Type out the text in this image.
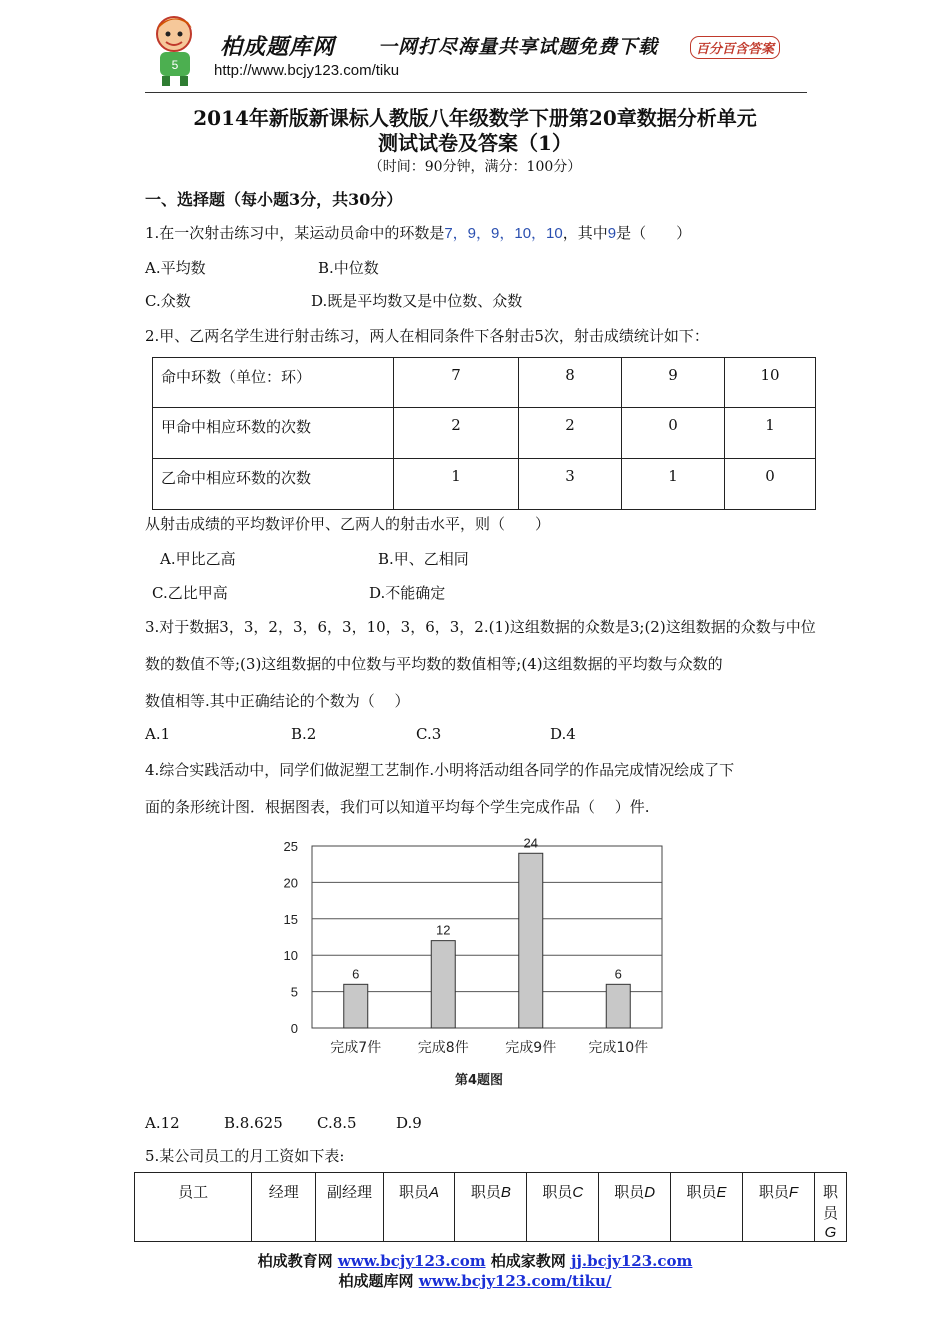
5
柏成题库网 一网打尽海量共享试题免费下载	百分百含答案
http://www.bcjy123.com/tiku
2014年新版新课标人教版八年级数学下册第20章数据分析单元
测试试卷及答案（1）
（时间：90分钟，满分：100分）
一、选择题（每小题3分，共30分）
1.在一次射击练习中，某运动员命中的环数是7，9，9，10，10，其中9是（　　）
A.平均数	B.中位数
C.众数	D.既是平均数又是中位数、众数
2.甲、乙两名学生进行射击练习，两人在相同条件下各射击5次，射击成绩统计如下：
命中环数（单位：环）	7	8	9	10
甲命中相应环数的次数	2	2	0	1
乙命中相应环数的次数	1	3	1	0
从射击成绩的平均数评价甲、乙两人的射击水平，则（　　）
A.甲比乙高	B.甲、乙相同
C.乙比甲高	D.不能确定
3.对于数据3，3，2，3，6，3，10，3，6，3，2.(1)这组数据的众数是3;(2)这组数据的众数与中位
数的数值不等;(3)这组数据的中位数与平均数的数值相等;(4)这组数据的平均数与众数的
数值相等.其中正确结论的个数为（　 ）
A.1	B.2	C.3	D.4
4.综合实践活动中，同学们做泥塑工艺制作.小明将活动组各同学的作品完成情况绘成了下
面的条形统计图．根据图表，我们可以知道平均每个学生完成作品（　 ）件.
0
5
10
15
20
25
6
完成7件
12
完成8件
24
完成9件
6
完成10件
第4题图
A.12	B.8.625 C.8.5	D.9
5.某公司员工的月工资如下表:
员工	经理	副经理	职员A	职员B	职员C	职员D	职员E	职员F	职员G
柏成教育网 www.bcjy123.com 柏成家教网 jj.bcjy123.com
柏成题库网 www.bcjy123.com/tiku/
